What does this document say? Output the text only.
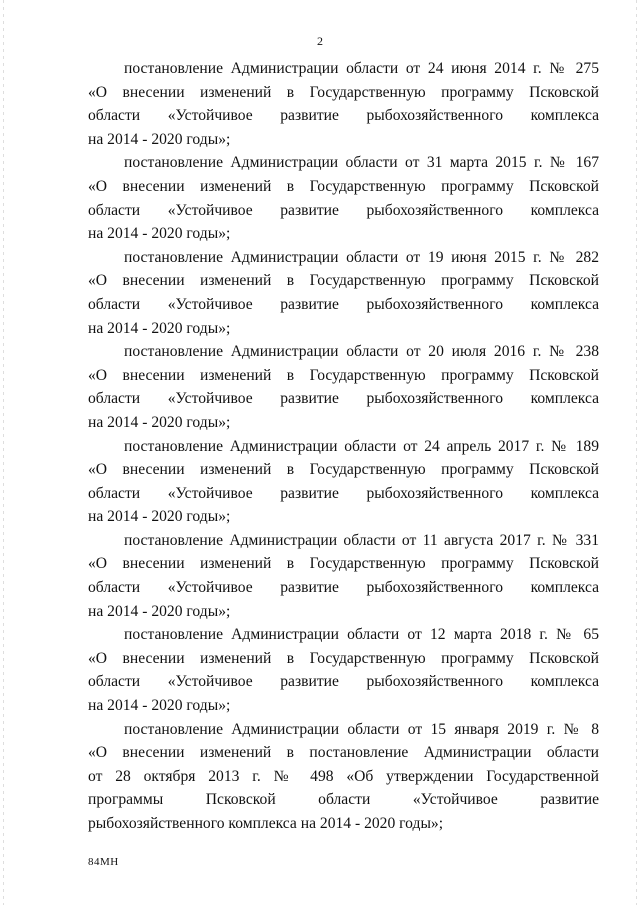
2
постановление Администрации области от 24 июня 2014 г. № 275
«О внесении изменений в Государственную программу Псковской
области «Устойчивое развитие рыбохозяйственного комплекса
на 2014 - 2020 годы»;
постановление Администрации области от 31 марта 2015 г. № 167
«О внесении изменений в Государственную программу Псковской
области «Устойчивое развитие рыбохозяйственного комплекса
на 2014 - 2020 годы»;
постановление Администрации области от 19 июня 2015 г. № 282
«О внесении изменений в Государственную программу Псковской
области «Устойчивое развитие рыбохозяйственного комплекса
на 2014 - 2020 годы»;
постановление Администрации области от 20 июля 2016 г. № 238
«О внесении изменений в Государственную программу Псковской
области «Устойчивое развитие рыбохозяйственного комплекса
на 2014 - 2020 годы»;
постановление Администрации области от 24 апрель 2017 г. № 189
«О внесении изменений в Государственную программу Псковской
области «Устойчивое развитие рыбохозяйственного комплекса
на 2014 - 2020 годы»;
постановление Администрации области от 11 августа 2017 г. № 331
«О внесении изменений в Государственную программу Псковской
области «Устойчивое развитие рыбохозяйственного комплекса
на 2014 - 2020 годы»;
постановление Администрации области от 12 марта 2018 г. № 65
«О внесении изменений в Государственную программу Псковской
области «Устойчивое развитие рыбохозяйственного комплекса
на 2014 - 2020 годы»;
постановление Администрации области от 15 января 2019 г. № 8
«О внесении изменений в постановление Администрации области
от 28 октября 2013 г. № 498 «Об утверждении Государственной
программы Псковской области «Устойчивое развитие
рыбохозяйственного комплекса на 2014 - 2020 годы»;
84МН
